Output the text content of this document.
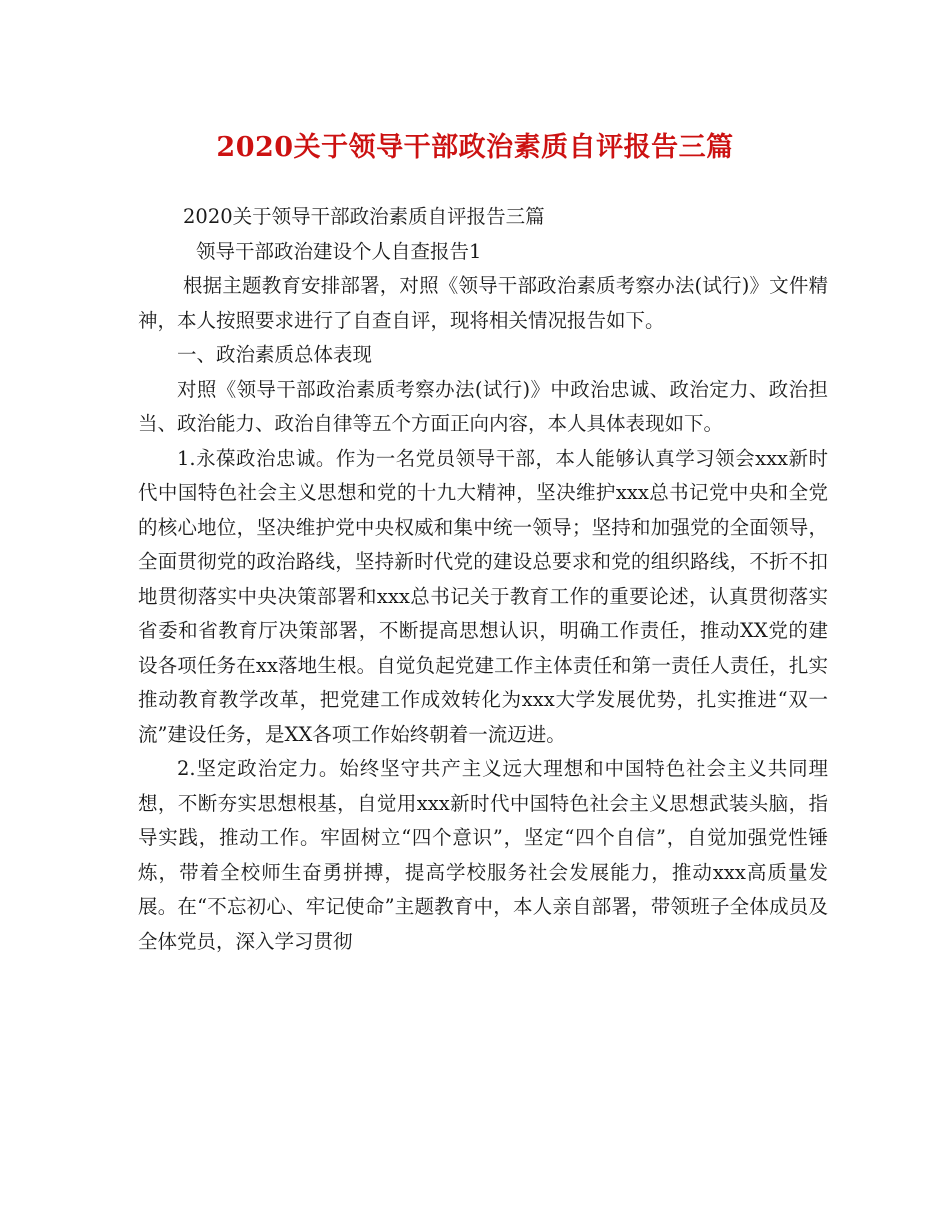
2020关于领导干部政治素质自评报告三篇

2020关于领导干部政治素质自评报告三篇

领导干部政治建设个人自查报告1

根据主题教育安排部署，对照《领导干部政治素质考察办法(试行)》文件精神，本人按照要求进行了自查自评，现将相关情况报告如下。

一、政治素质总体表现

对照《领导干部政治素质考察办法(试行)》中政治忠诚、政治定力、政治担当、政治能力、政治自律等五个方面正向内容，本人具体表现如下。

1.永葆政治忠诚。作为一名党员领导干部，本人能够认真学习领会xxx新时代中国特色社会主义思想和党的十九大精神，坚决维护xxx总书记党中央和全党的核心地位，坚决维护党中央权威和集中统一领导；坚持和加强党的全面领导，全面贯彻党的政治路线，坚持新时代党的建设总要求和党的组织路线，不折不扣地贯彻落实中央决策部署和xxx总书记关于教育工作的重要论述，认真贯彻落实省委和省教育厅决策部署，不断提高思想认识，明确工作责任，推动XX党的建设各项任务在xx落地生根。自觉负起党建工作主体责任和第一责任人责任，扎实推动教育教学改革，把党建工作成效转化为xxx大学发展优势，扎实推进“双一流”建设任务，是XX各项工作始终朝着一流迈进。

2.坚定政治定力。始终坚守共产主义远大理想和中国特色社会主义共同理想，不断夯实思想根基，自觉用xxx新时代中国特色社会主义思想武装头脑，指导实践，推动工作。牢固树立“四个意识”，坚定“四个自信”，自觉加强党性锤炼，带着全校师生奋勇拼搏，提高学校服务社会发展能力，推动xxx高质量发展。在“不忘初心、牢记使命”主题教育中，本人亲自部署，带领班子全体成员及全体党员，深入学习贯彻
